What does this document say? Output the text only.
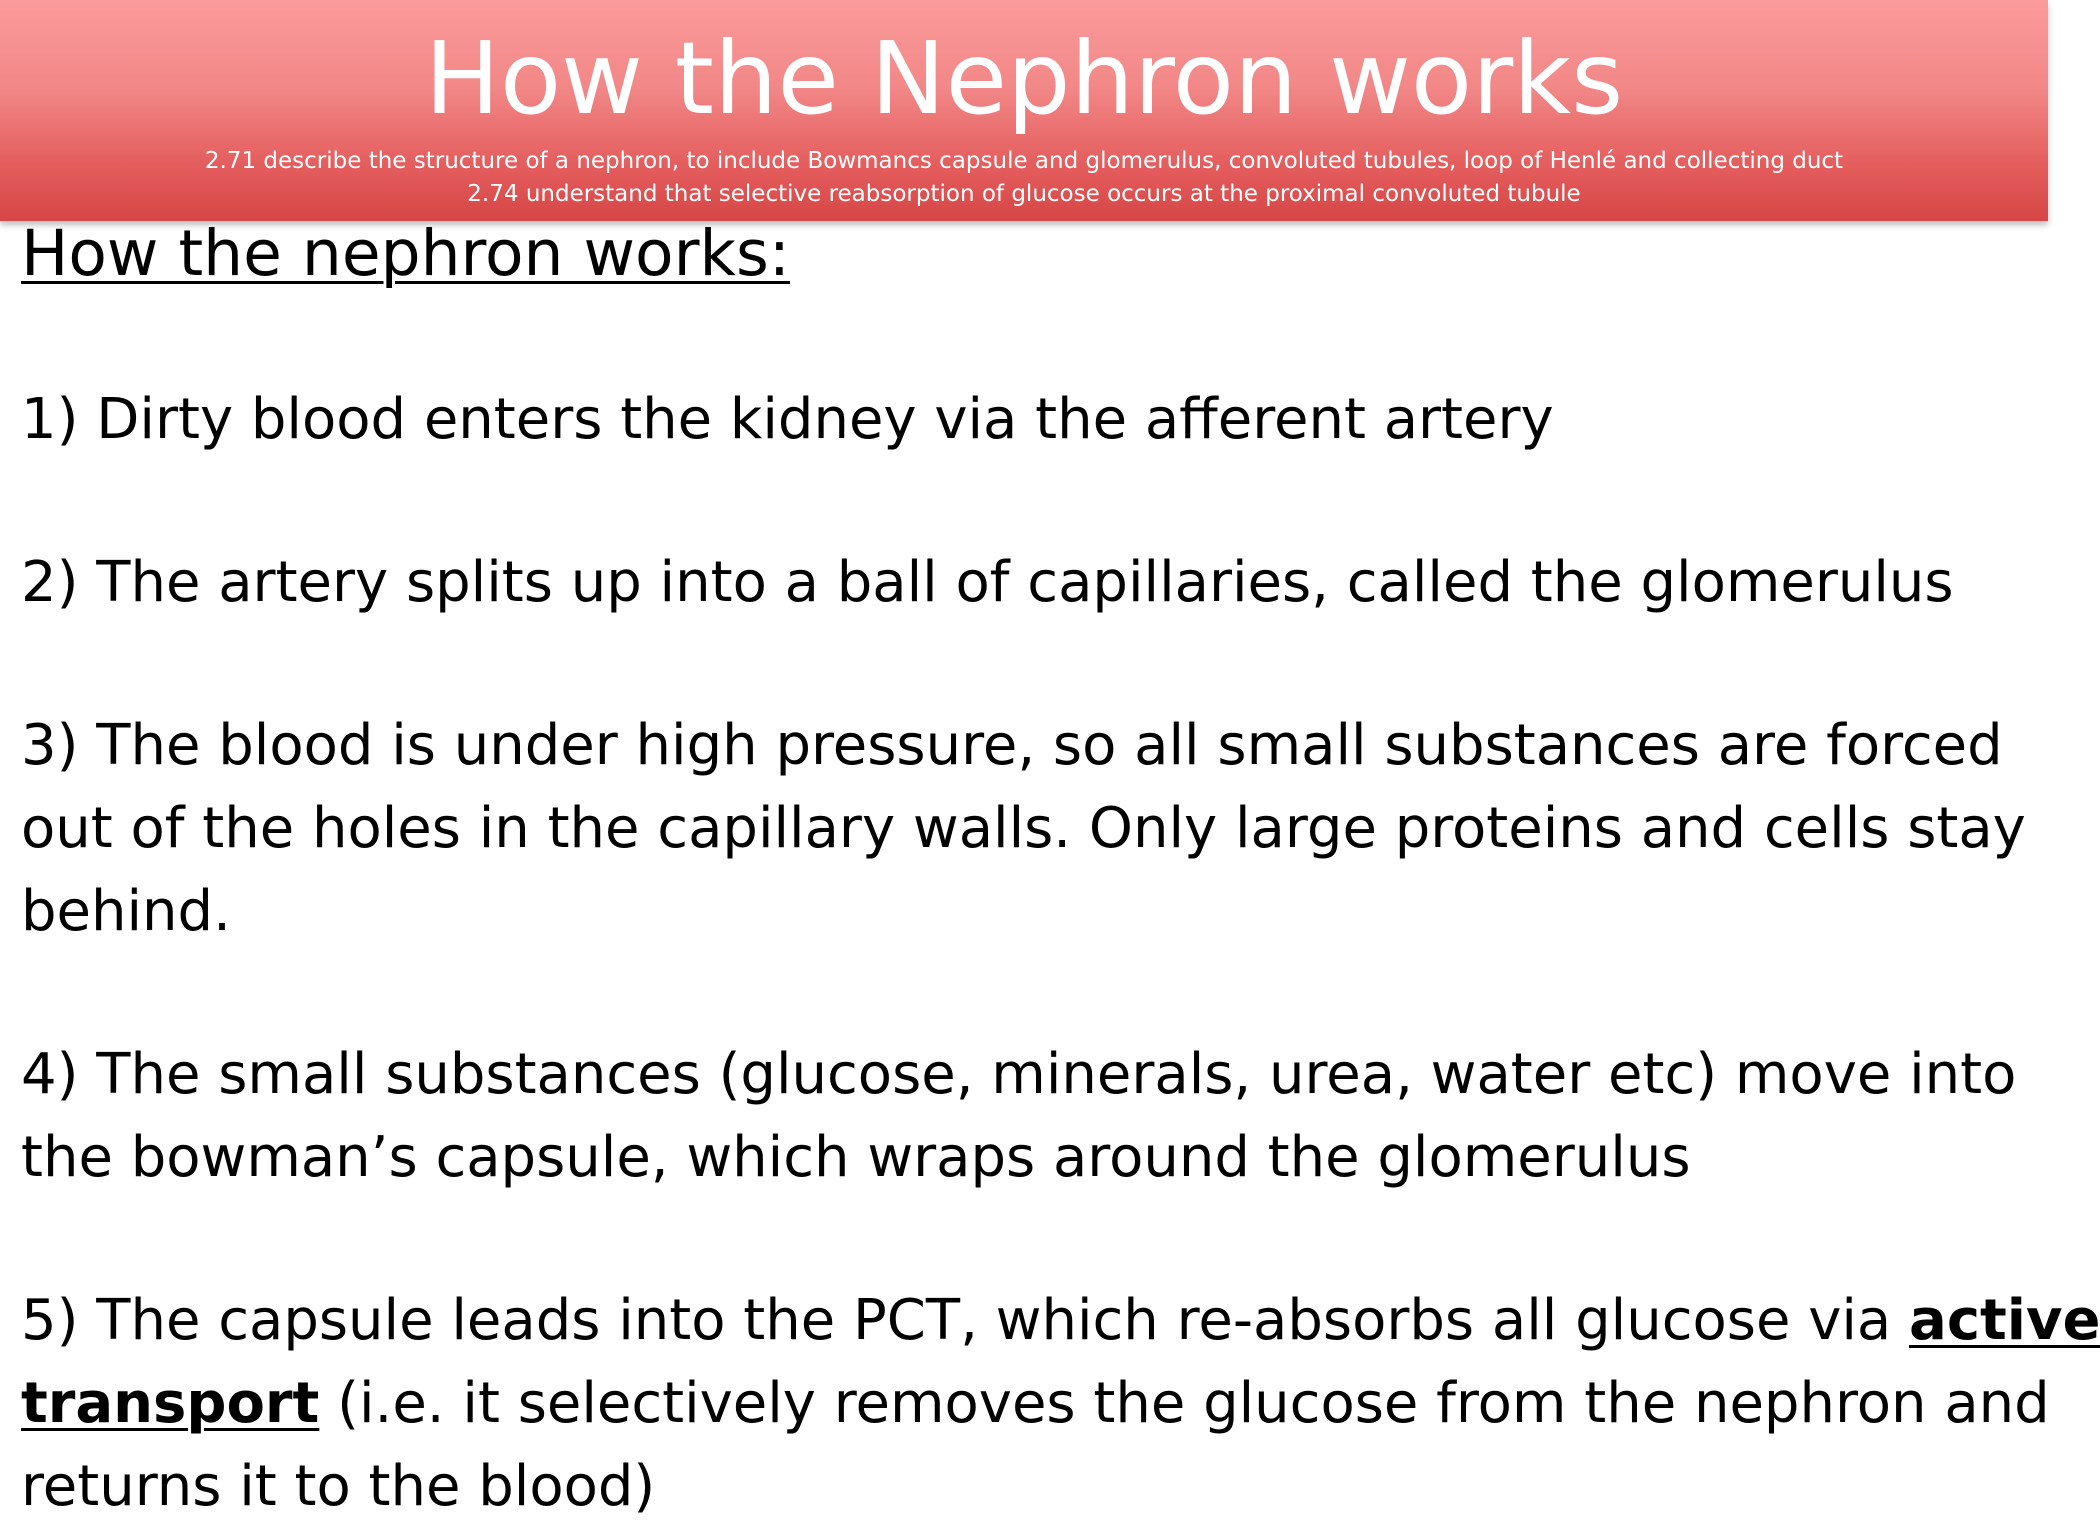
How the Nephron works
2.71 describe the structure of a nephron, to include Bowmancs capsule and glomerulus, convoluted tubules, loop of Henlé and collecting duct
2.74 understand that selective reabsorption of glucose occurs at the proximal convoluted tubule
How the nephron works:

1) Dirty blood enters the kidney via the afferent artery

2) The artery splits up into a ball of capillaries, called the glomerulus

3) The blood is under high pressure, so all small substances are forced

out of the holes in the capillary walls. Only large proteins and cells stay

behind.

4) The small substances (glucose, minerals, urea, water etc) move into

the bowman’s capsule, which wraps around the glomerulus

5) The capsule leads into the PCT, which re-absorbs all glucose via active

transport (i.e. it selectively removes the glucose from the nephron and

returns it to the blood)
